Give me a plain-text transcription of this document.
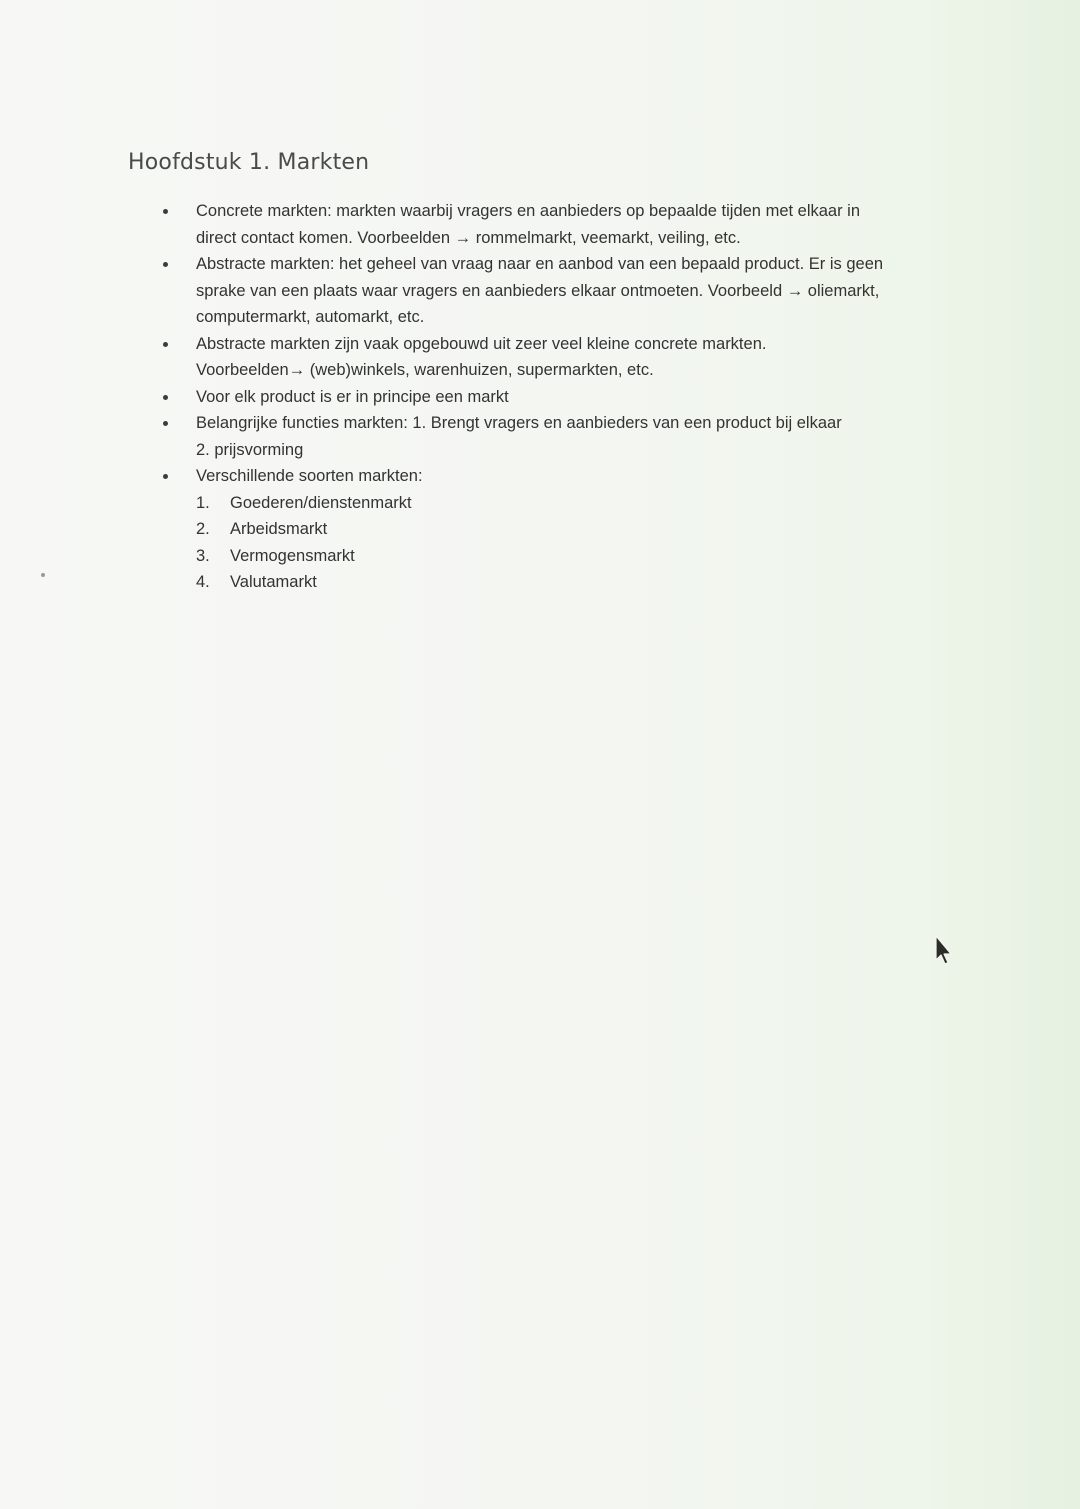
Hoofdstuk 1. Markten
Concrete markten: markten waarbij vragers en aanbieders op bepaalde tijden met elkaar in
direct contact komen. Voorbeelden → rommelmarkt, veemarkt, veiling, etc.
Abstracte markten: het geheel van vraag naar en aanbod van een bepaald product. Er is geen
sprake van een plaats waar vragers en aanbieders elkaar ontmoeten. Voorbeeld → oliemarkt,
computermarkt, automarkt, etc.
Abstracte markten zijn vaak opgebouwd uit zeer veel kleine concrete markten.
Voorbeelden→ (web)winkels, warenhuizen, supermarkten, etc.
Voor elk product is er in principe een markt
Belangrijke functies markten: 1. Brengt vragers en aanbieders van een product bij elkaar
2. prijsvorming
Verschillende soorten markten:
1. Goederen/dienstenmarkt
2. Arbeidsmarkt
3. Vermogensmarkt
4. Valutamarkt
